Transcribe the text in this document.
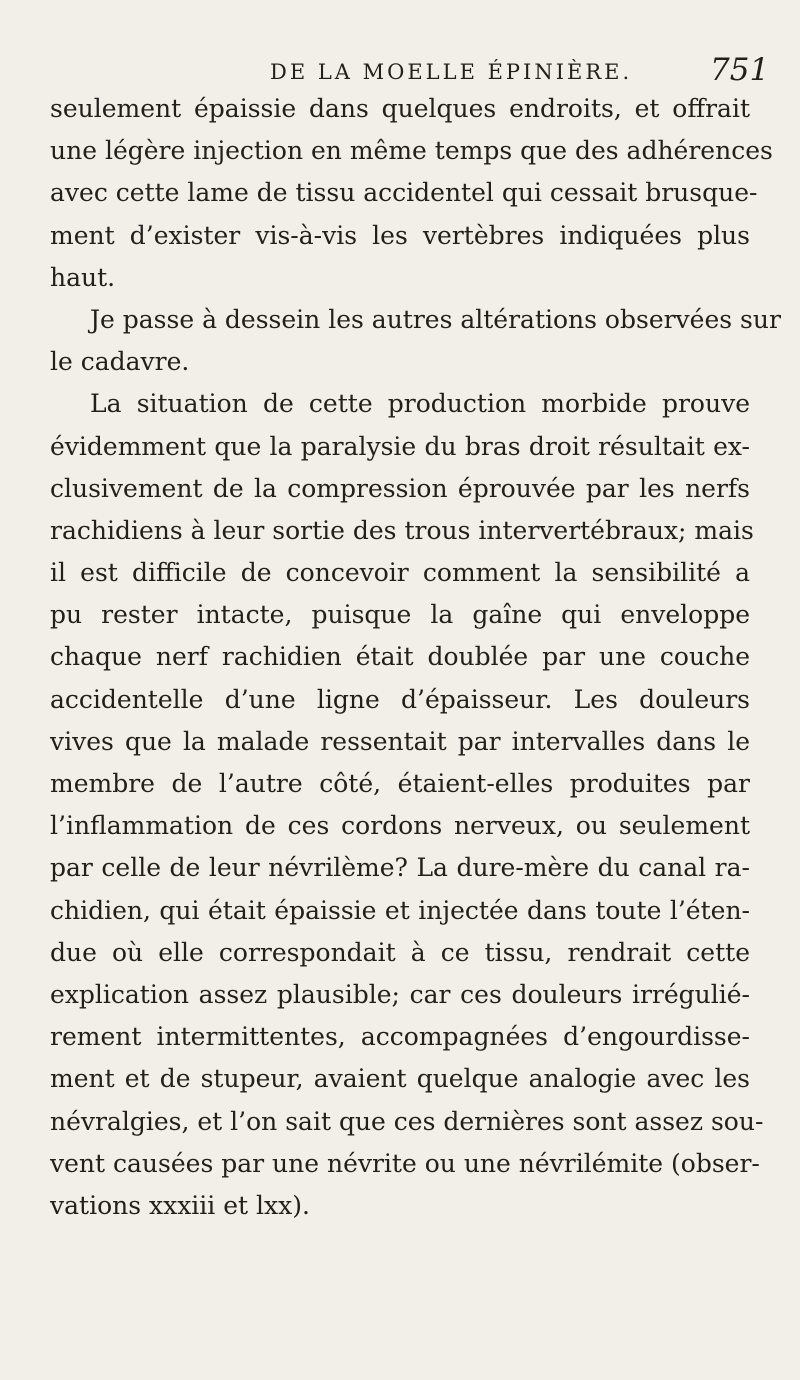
DE LA MOELLE ÉPINIÈRE.	751
seulement épaissie dans quelques endroits, et offrait
une légère injection en même temps que des adhérences
avec cette lame de tissu accidentel qui cessait brusque-
ment d’exister vis-à-vis les vertèbres indiquées plus
haut.
Je passe à dessein les autres altérations observées sur
le cadavre.
La situation de cette production morbide prouve
évidemment que la paralysie du bras droit résultait ex-
clusivement de la compression éprouvée par les nerfs
rachidiens à leur sortie des trous intervertébraux; mais
il est difficile de concevoir comment la sensibilité a
pu rester intacte, puisque la gaîne qui enveloppe
chaque nerf rachidien était doublée par une couche
accidentelle d’une ligne d’épaisseur. Les douleurs
vives que la malade ressentait par intervalles dans le
membre de l’autre côté, étaient-elles produites par
l’inflammation de ces cordons nerveux, ou seulement
par celle de leur névrilème? La dure-mère du canal ra-
chidien, qui était épaissie et injectée dans toute l’éten-
due où elle correspondait à ce tissu, rendrait cette
explication assez plausible; car ces douleurs irrégulié-
rement intermittentes, accompagnées d’engourdisse-
ment et de stupeur, avaient quelque analogie avec les
névralgies, et l’on sait que ces dernières sont assez sou-
vent causées par une névrite ou une névrilémite (obser-
vations xxxiii et lxx).
